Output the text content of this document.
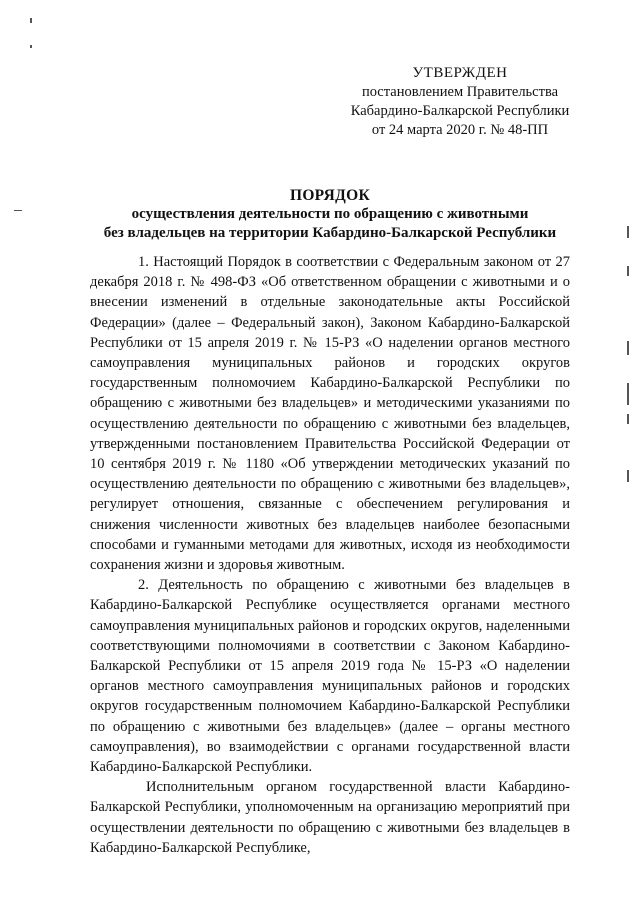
УТВЕРЖДЕН
постановлением Правительства
Кабардино-Балкарской Республики
от 24 марта 2020 г. № 48-ПП
ПОРЯДОК
осуществления деятельности по обращению с животными
без владельцев на территории Кабардино-Балкарской Республики

1. Настоящий Порядок в соответствии с Федеральным законом от 27 декабря 2018 г. № 498-ФЗ «Об ответственном обращении с животными и о внесении изменений в отдельные законодательные акты Российской Федерации» (далее – Федеральный закон), Законом Кабардино-Балкарской Республики от 15 апреля 2019 г. № 15-РЗ «О наделении органов местного самоуправления муниципальных районов и городских округов государственным полномочием Кабардино-Балкарской Республики по обращению с животными без владельцев» и методическими указаниями по осуществлению деятельности по обращению с животными без владельцев, утвержденными постановлением Правительства Российской Федерации от 10 сентября 2019 г. № 1180 «Об утверждении методических указаний по осуществлению деятельности по обращению с животными без владельцев», регулирует отношения, связанные с обеспечением регулирования и снижения численности животных без владельцев наиболее безопасными способами и гуманными методами для животных, исходя из необходимости сохранения жизни и здоровья животным.

2. Деятельность по обращению с животными без владельцев в Кабардино-Балкарской Республике осуществляется органами местного самоуправления муниципальных районов и городских округов, наделенными соответствующими полномочиями в соответствии с Законом Кабардино-Балкарской Республики от 15 апреля 2019 года № 15-РЗ «О наделении органов местного самоуправления муниципальных районов и городских округов государственным полномочием Кабардино-Балкарской Республики по обращению с животными без владельцев» (далее – органы местного самоуправления), во взаимодействии с органами государственной власти Кабардино-Балкарской Республики.

Исполнительным органом государственной власти Кабардино-Балкарской Республики, уполномоченным на организацию мероприятий при осуществлении деятельности по обращению с животными без владельцев в Кабардино-Балкарской Республике,
